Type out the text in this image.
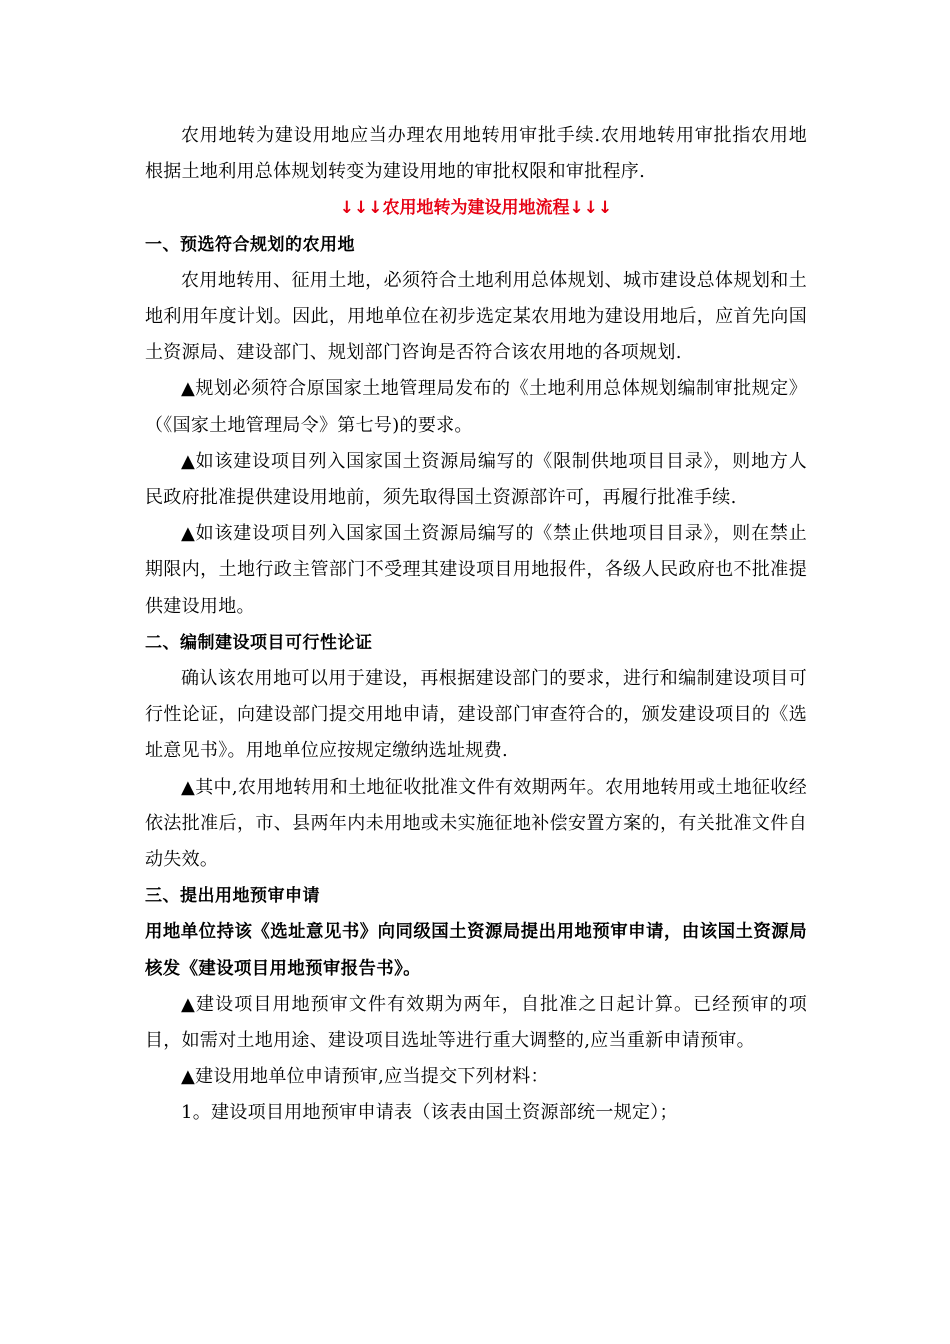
农用地转为建设用地应当办理农用地转用审批手续.农用地转用审批指农用地根据土地利用总体规划转变为建设用地的审批权限和审批程序.

↓↓↓农用地转为建设用地流程↓↓↓

一、预选符合规划的农用地

农用地转用、征用土地，必须符合土地利用总体规划、城市建设总体规划和土地利用年度计划。因此，用地单位在初步选定某农用地为建设用地后，应首先向国土资源局、建设部门、规划部门咨询是否符合该农用地的各项规划.

▲规划必须符合原国家土地管理局发布的《土地利用总体规划编制审批规定》（《国家土地管理局令》第七号)的要求。

▲如该建设项目列入国家国土资源局编写的《限制供地项目目录》，则地方人民政府批准提供建设用地前，须先取得国土资源部许可，再履行批准手续.

▲如该建设项目列入国家国土资源局编写的《禁止供地项目目录》，则在禁止期限内，土地行政主管部门不受理其建设项目用地报件，各级人民政府也不批准提供建设用地。

二、编制建设项目可行性论证

确认该农用地可以用于建设，再根据建设部门的要求，进行和编制建设项目可行性论证，向建设部门提交用地申请，建设部门审查符合的，颁发建设项目的《选址意见书》。用地单位应按规定缴纳选址规费.

▲其中,农用地转用和土地征收批准文件有效期两年。农用地转用或土地征收经依法批准后，市、县两年内未用地或未实施征地补偿安置方案的，有关批准文件自动失效。

三、提出用地预审申请

用地单位持该《选址意见书》向同级国土资源局提出用地预审申请，由该国土资源局核发《建设项目用地预审报告书》。

▲建设项目用地预审文件有效期为两年，自批准之日起计算。已经预审的项目，如需对土地用途、建设项目选址等进行重大调整的,应当重新申请预审。

▲建设用地单位申请预审,应当提交下列材料：

1。建设项目用地预审申请表（该表由国土资源部统一规定）；
